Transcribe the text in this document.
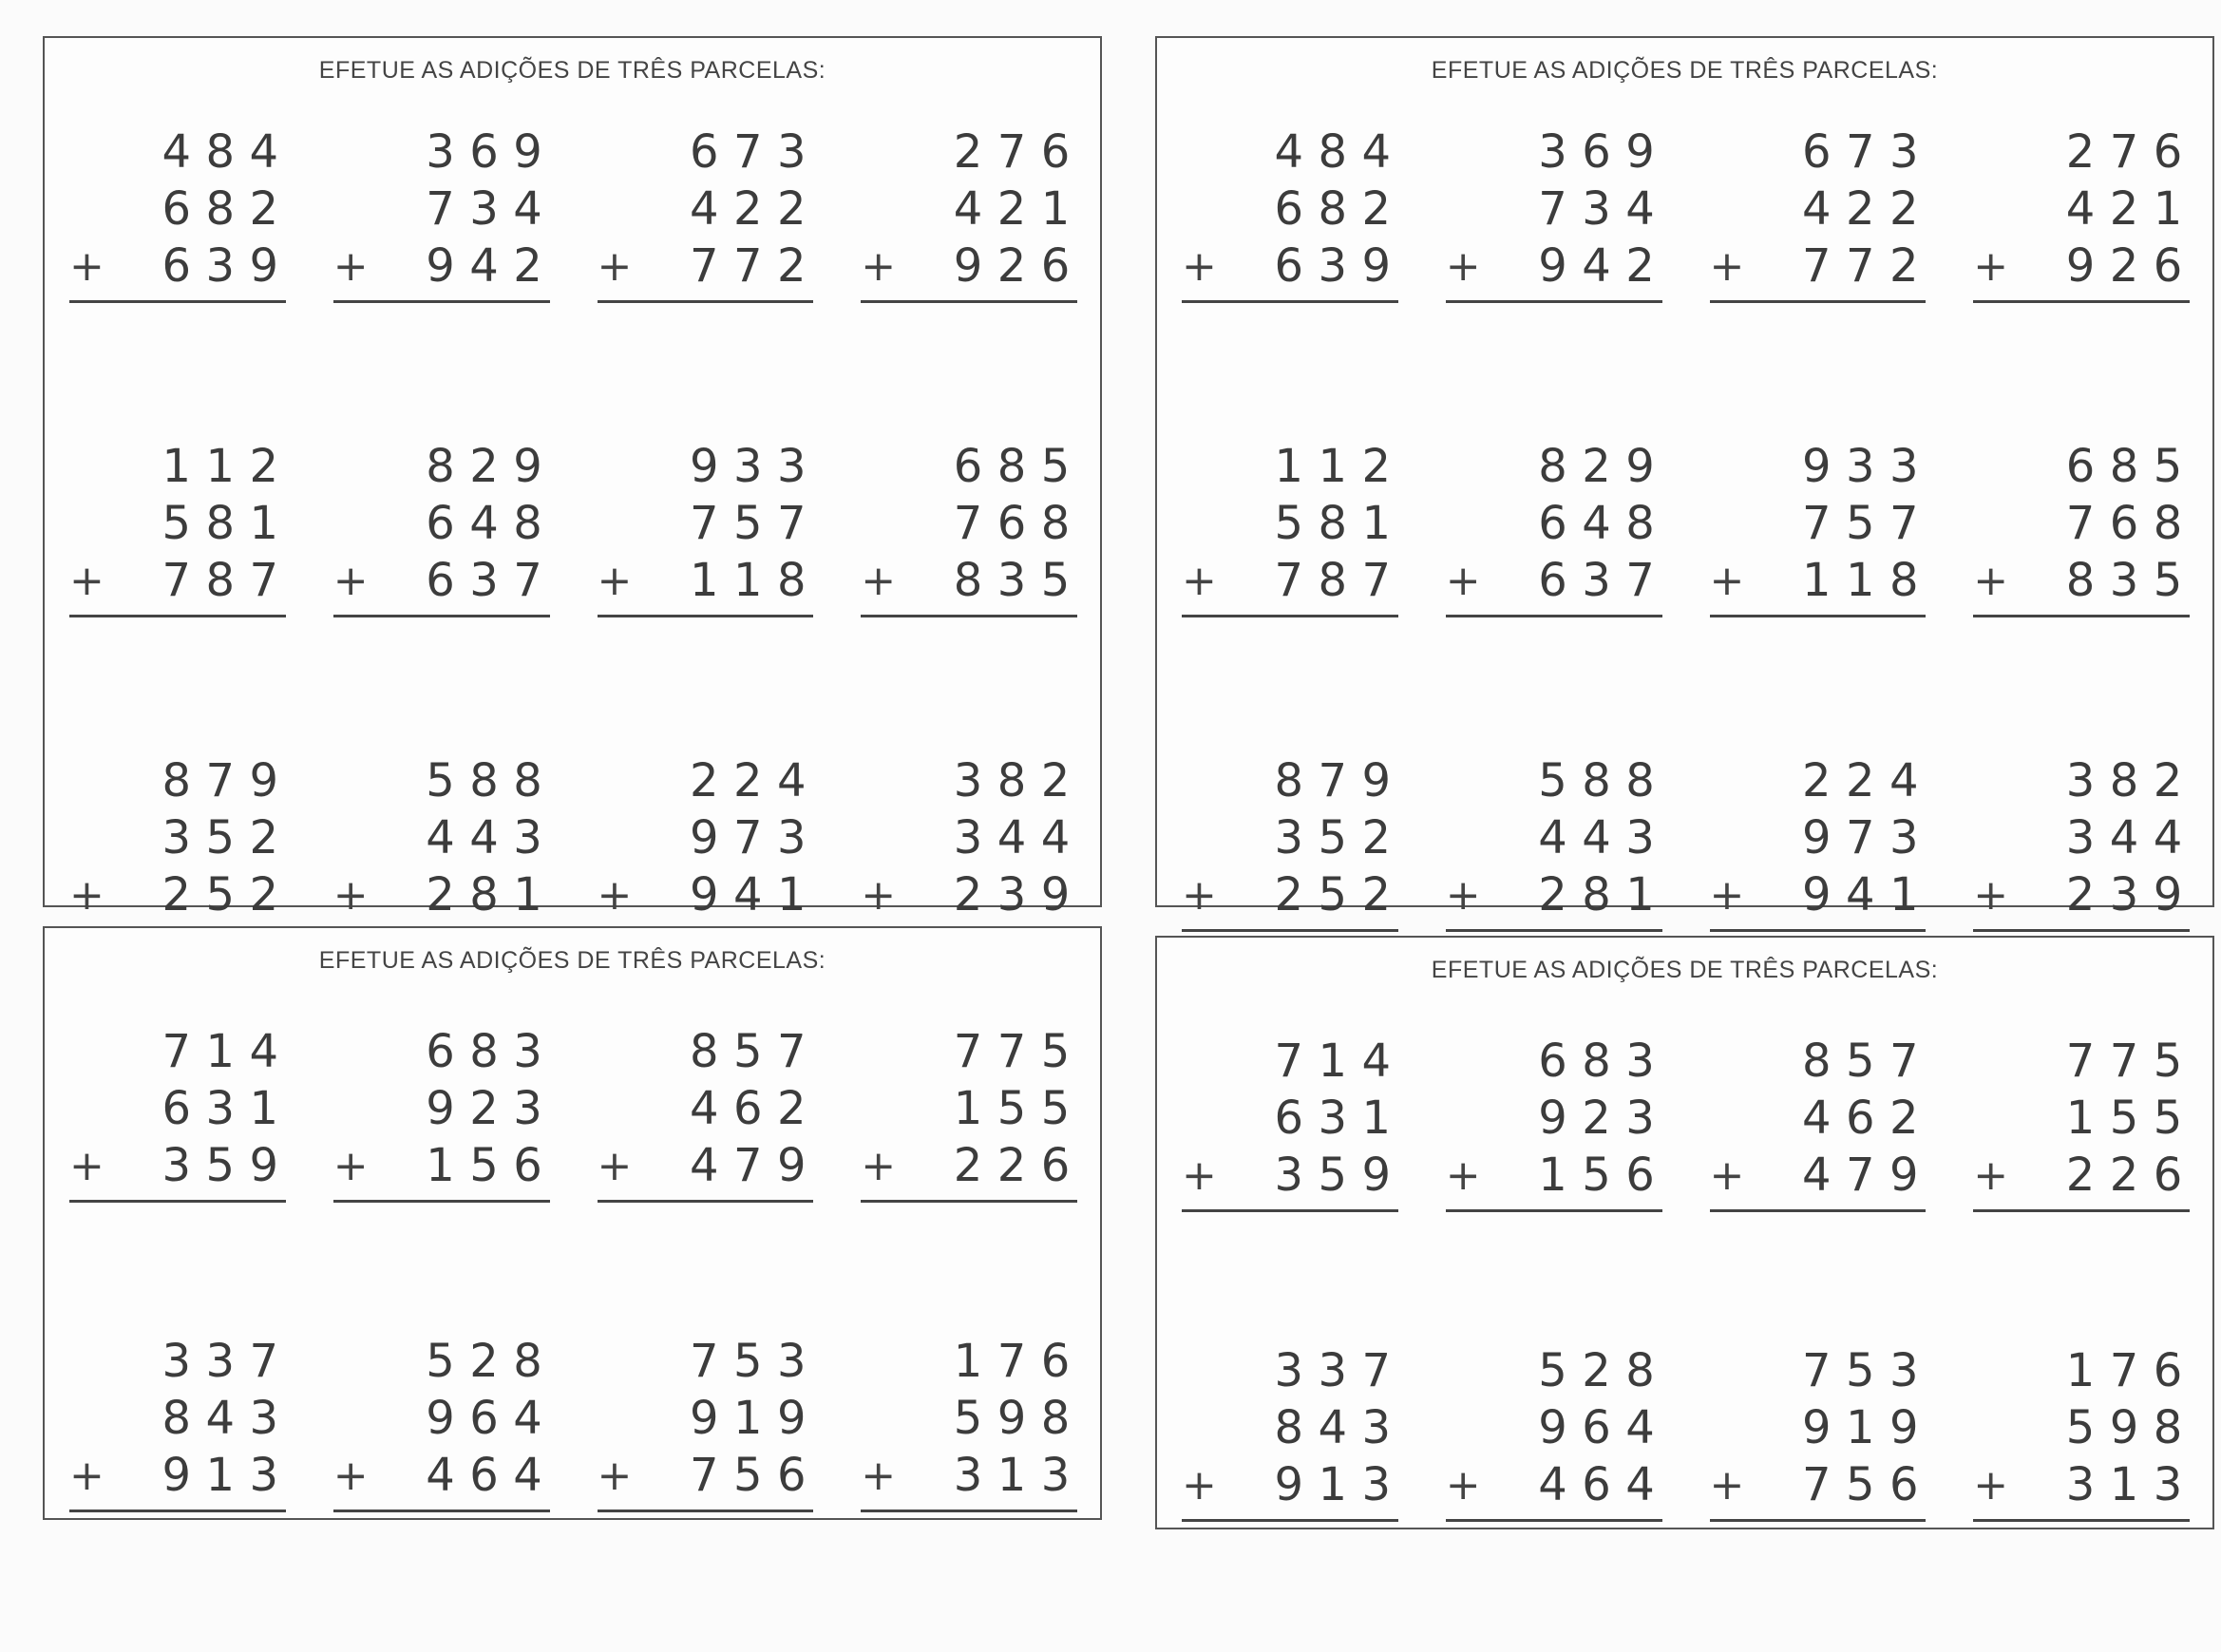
EFETUE AS ADIÇÕES DE TRÊS PARCELAS:
4 8 4
6 8 2
+	6 3 9
3 6 9
7 3 4
+	9 4 2
6 7 3
4 2 2
+	7 7 2
2 7 6
4 2 1
+	9 2 6
1 1 2
5 8 1
+	7 8 7
8 2 9
6 4 8
+	6 3 7
9 3 3
7 5 7
+	1 1 8
6 8 5
7 6 8
+	8 3 5
8 7 9
3 5 2
+	2 5 2
5 8 8
4 4 3
+	2 8 1
2 2 4
9 7 3
+	9 4 1
3 8 2
3 4 4
+	2 3 9
EFETUE AS ADIÇÕES DE TRÊS PARCELAS:
4 8 4
6 8 2
+	6 3 9
3 6 9
7 3 4
+	9 4 2
6 7 3
4 2 2
+	7 7 2
2 7 6
4 2 1
+	9 2 6
1 1 2
5 8 1
+	7 8 7
8 2 9
6 4 8
+	6 3 7
9 3 3
7 5 7
+	1 1 8
6 8 5
7 6 8
+	8 3 5
8 7 9
3 5 2
+	2 5 2
5 8 8
4 4 3
+	2 8 1
2 2 4
9 7 3
+	9 4 1
3 8 2
3 4 4
+	2 3 9
EFETUE AS ADIÇÕES DE TRÊS PARCELAS:
7 1 4
6 3 1
+	3 5 9
6 8 3
9 2 3
+	1 5 6
8 5 7
4 6 2
+	4 7 9
7 7 5
1 5 5
+	2 2 6
3 3 7
8 4 3
+	9 1 3
5 2 8
9 6 4
+	4 6 4
7 5 3
9 1 9
+	7 5 6
1 7 6
5 9 8
+	3 1 3
EFETUE AS ADIÇÕES DE TRÊS PARCELAS:
7 1 4
6 3 1
+	3 5 9
6 8 3
9 2 3
+	1 5 6
8 5 7
4 6 2
+	4 7 9
7 7 5
1 5 5
+	2 2 6
3 3 7
8 4 3
+	9 1 3
5 2 8
9 6 4
+	4 6 4
7 5 3
9 1 9
+	7 5 6
1 7 6
5 9 8
+	3 1 3
